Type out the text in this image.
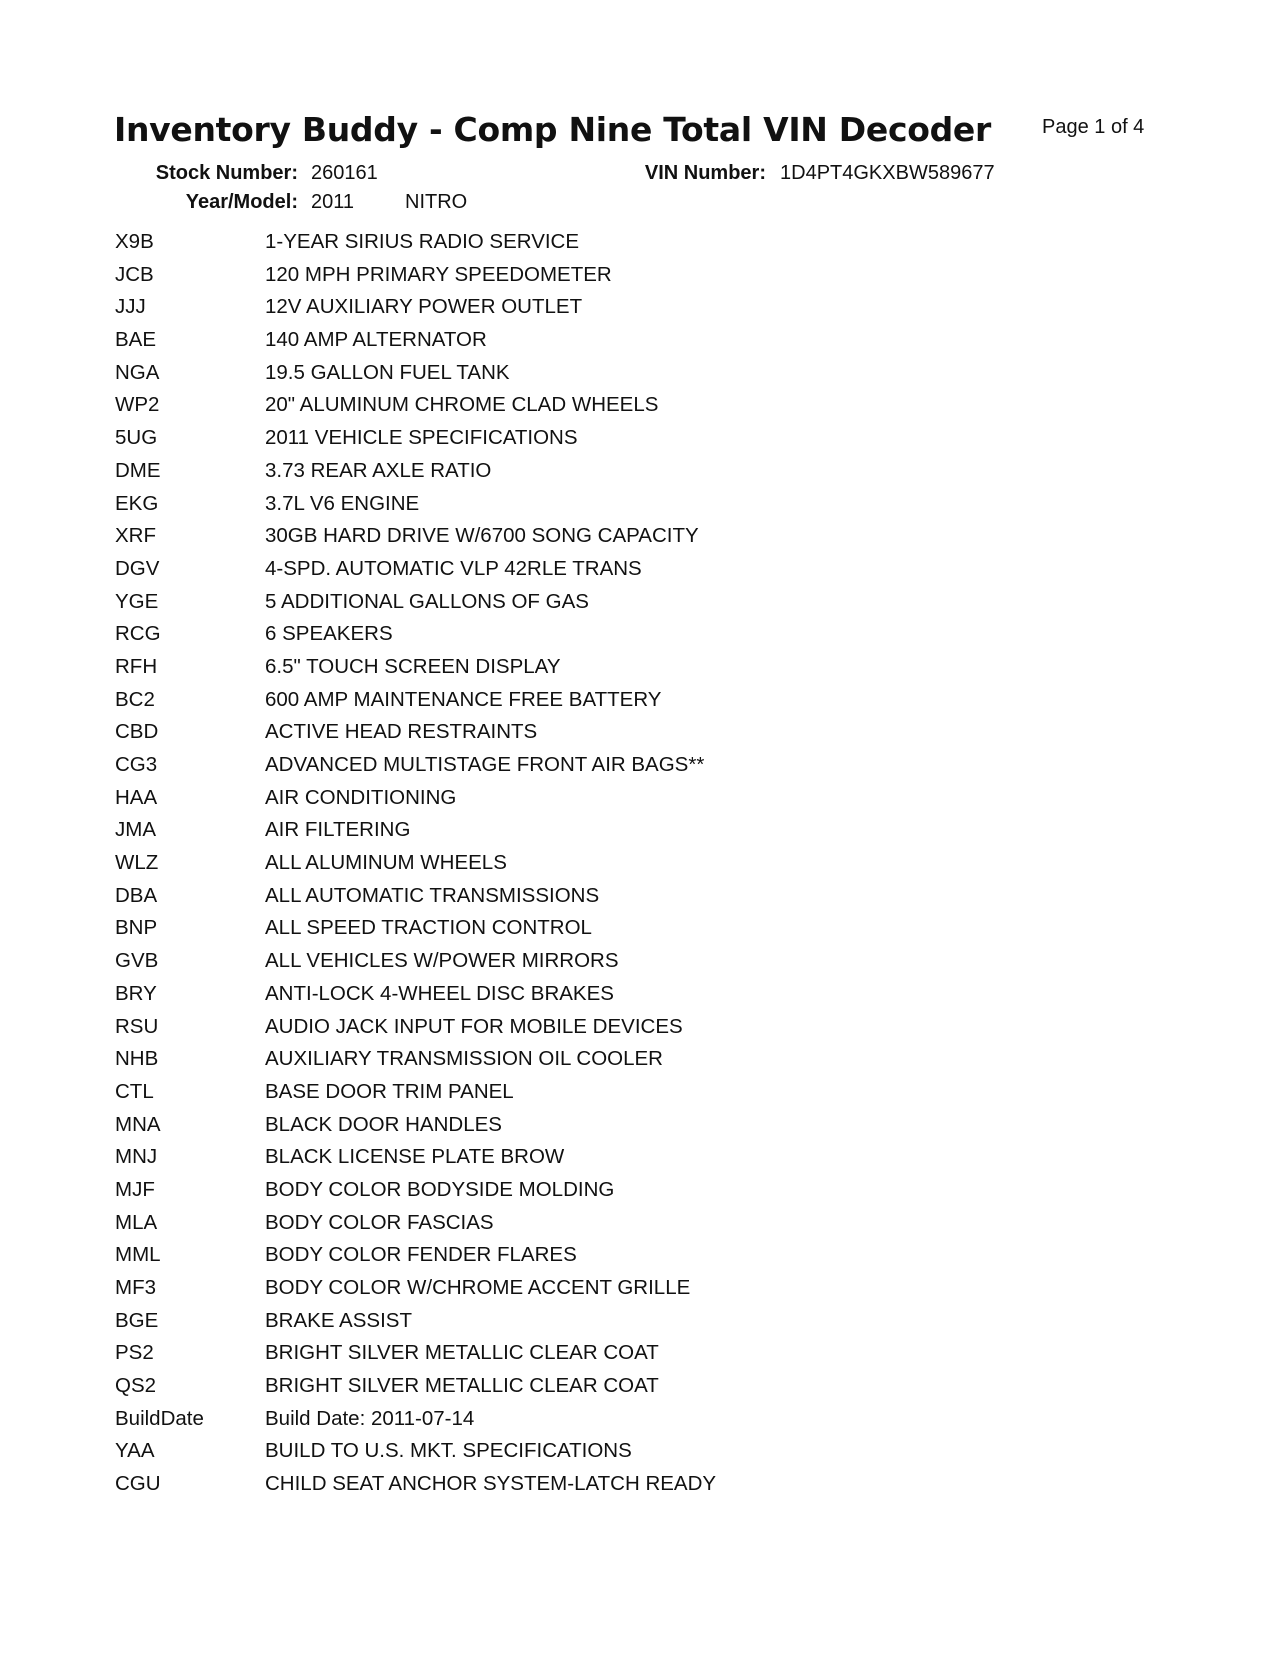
Inventory Buddy - Comp Nine Total VIN Decoder	Page 1 of 4
Stock Number: 260161	VIN Number: 1D4PT4GKXBW589677
Year/Model: 2011	NITRO
X9B	1-YEAR SIRIUS RADIO SERVICE
JCB	120 MPH PRIMARY SPEEDOMETER
JJJ	12V AUXILIARY POWER OUTLET
BAE	140 AMP ALTERNATOR
NGA	19.5 GALLON FUEL TANK
WP2	20" ALUMINUM CHROME CLAD WHEELS
5UG	2011 VEHICLE SPECIFICATIONS
DME	3.73 REAR AXLE RATIO
EKG	3.7L V6 ENGINE
XRF	30GB HARD DRIVE W/6700 SONG CAPACITY
DGV	4-SPD. AUTOMATIC VLP 42RLE TRANS
YGE	5 ADDITIONAL GALLONS OF GAS
RCG	6 SPEAKERS
RFH	6.5" TOUCH SCREEN DISPLAY
BC2	600 AMP MAINTENANCE FREE BATTERY
CBD	ACTIVE HEAD RESTRAINTS
CG3	ADVANCED MULTISTAGE FRONT AIR BAGS**
HAA	AIR CONDITIONING
JMA	AIR FILTERING
WLZ	ALL ALUMINUM WHEELS
DBA	ALL AUTOMATIC TRANSMISSIONS
BNP	ALL SPEED TRACTION CONTROL
GVB	ALL VEHICLES W/POWER MIRRORS
BRY	ANTI-LOCK 4-WHEEL DISC BRAKES
RSU	AUDIO JACK INPUT FOR MOBILE DEVICES
NHB	AUXILIARY TRANSMISSION OIL COOLER
CTL	BASE DOOR TRIM PANEL
MNA	BLACK DOOR HANDLES
MNJ	BLACK LICENSE PLATE BROW
MJF	BODY COLOR BODYSIDE MOLDING
MLA	BODY COLOR FASCIAS
MML	BODY COLOR FENDER FLARES
MF3	BODY COLOR W/CHROME ACCENT GRILLE
BGE	BRAKE ASSIST
PS2	BRIGHT SILVER METALLIC CLEAR COAT
QS2	BRIGHT SILVER METALLIC CLEAR COAT
BuildDate	Build Date: 2011-07-14
YAA	BUILD TO U.S. MKT. SPECIFICATIONS
CGU	CHILD SEAT ANCHOR SYSTEM-LATCH READY
